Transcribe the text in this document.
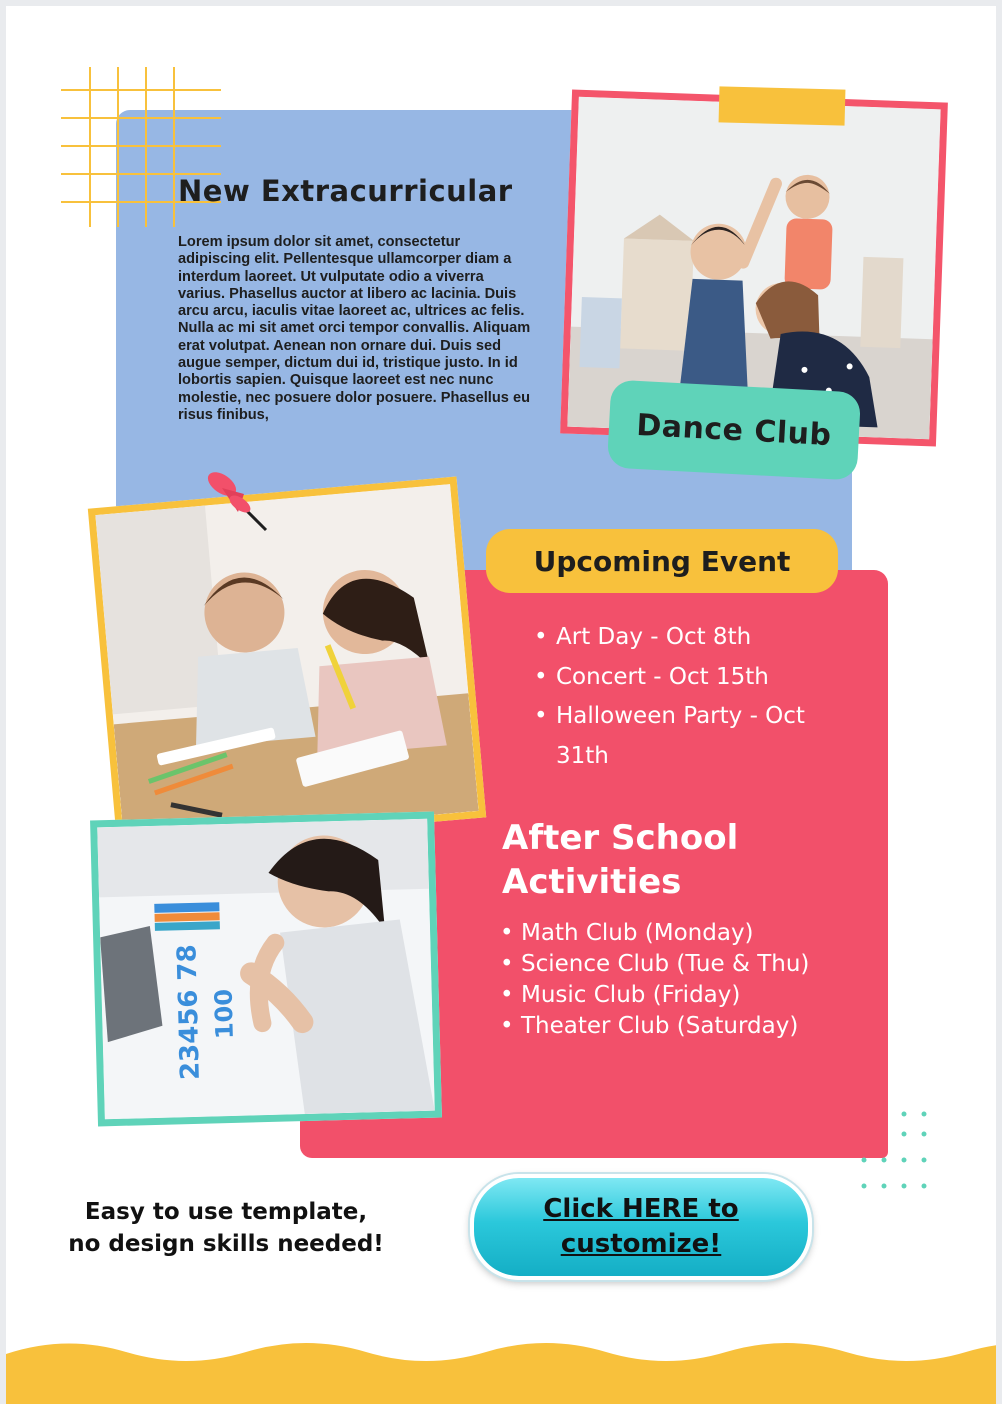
New Extracurricular
Lorem ipsum dolor sit amet, consectetur adipiscing elit. Pellentesque ullamcorper diam a interdum laoreet. Ut vulputate odio a viverra varius. Phasellus auctor at libero ac lacinia. Duis arcu arcu, iaculis vitae laoreet ac, ultrices ac felis. Nulla ac mi sit amet orci tempor convallis. Aliquam erat volutpat. Aenean non ornare dui. Duis sed augue semper, dictum dui id, tristique justo. In id lobortis sapien. Quisque laoreet est nec nunc molestie, nec posuere dolor posuere. Phasellus eu risus finibus,	Dance Club
Upcoming Event
• Art Day - Oct 8th
• Concert - Oct 15th
• Halloween Party - Oct 31th
After School Activities
• Math Club (Monday)
• Science Club (Tue & Thu)
• Music Club (Friday)
• Theater Club (Saturday)
23456 78 100
Easy to use template,
no design skills needed!
Click HERE to
customize!
